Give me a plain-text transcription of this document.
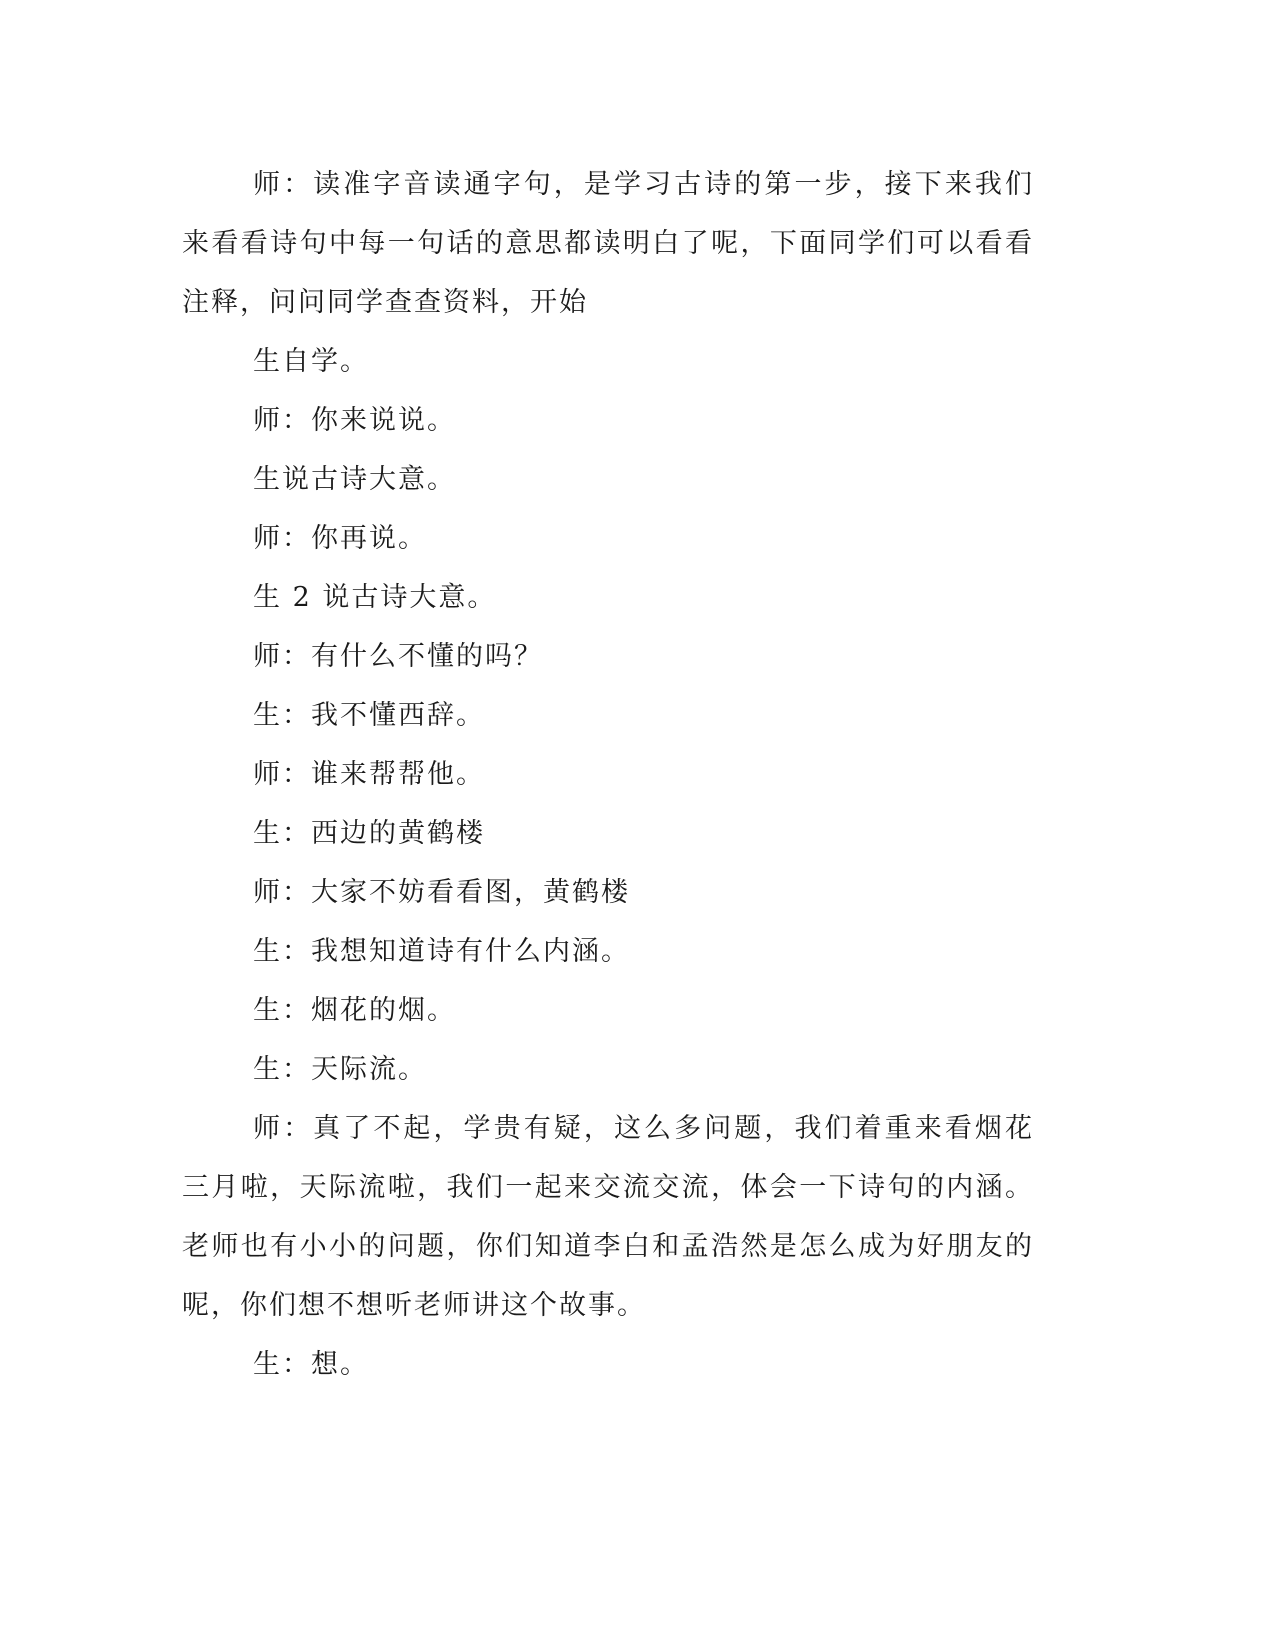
师：读准字音读通字句，是学习古诗的第一步，接下来我们来看看诗句中每一句话的意思都读明白了呢，下面同学们可以看看注释，问问同学查查资料，开始

生自学。

师：你来说说。

生说古诗大意。

师：你再说。

生 2 说古诗大意。

师：有什么不懂的吗？

生：我不懂西辞。

师：谁来帮帮他。

生：西边的黄鹤楼

师：大家不妨看看图，黄鹤楼

生：我想知道诗有什么内涵。

生：烟花的烟。

生：天际流。

师：真了不起，学贵有疑，这么多问题，我们着重来看烟花三月啦，天际流啦，我们一起来交流交流，体会一下诗句的内涵。老师也有小小的问题，你们知道李白和孟浩然是怎么成为好朋友的呢，你们想不想听老师讲这个故事。

生：想。
